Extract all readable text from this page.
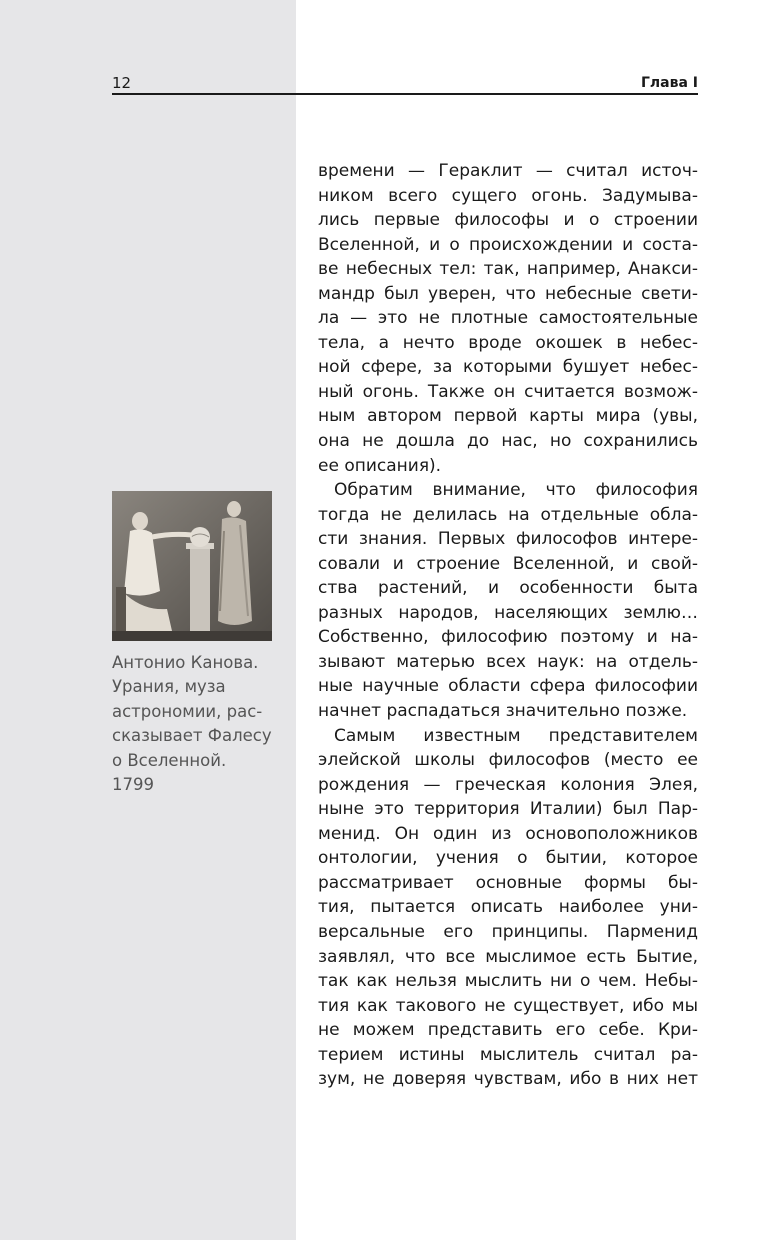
12	Глава I
Антонио Канова.
Урания, муза
астрономии, рас-
сказывает Фалесу
о Вселенной.
1799
времени — Гераклит — считал источ-
ником всего сущего огонь. Задумыва-
лись первые философы и о строении
Вселенной, и о происхождении и соста-
ве небесных тел: так, например, Анакси-
мандр был уверен, что небесные свети-
ла — это не плотные самостоятельные
тела, а нечто вроде окошек в небес-
ной сфере, за которыми бушует небес-
ный огонь. Также он считается возмож-
ным автором первой карты мира (увы,
она не дошла до нас, но сохранились
ее описания).
Обратим внимание, что философия
тогда не делилась на отдельные обла-
сти знания. Первых философов интере-
совали и строение Вселенной, и свой-
ства растений, и особенности быта
разных народов, населяющих землю…
Собственно, философию поэтому и на-
зывают матерью всех наук: на отдель-
ные научные области сфера философии
начнет распадаться значительно позже.
Самым известным представителем
элейской школы философов (место ее
рождения — греческая колония Элея,
ныне это территория Италии) был Пар-
менид. Он один из основоположников
онтологии, учения о бытии, которое
рассматривает основные формы бы-
тия, пытается описать наиболее уни-
версальные его принципы. Парменид
заявлял, что все мыслимое есть Бытие,
так как нельзя мыслить ни о чем. Небы-
тия как такового не существует, ибо мы
не можем представить его себе. Кри-
терием истины мыслитель считал ра-
зум, не доверяя чувствам, ибо в них нет
